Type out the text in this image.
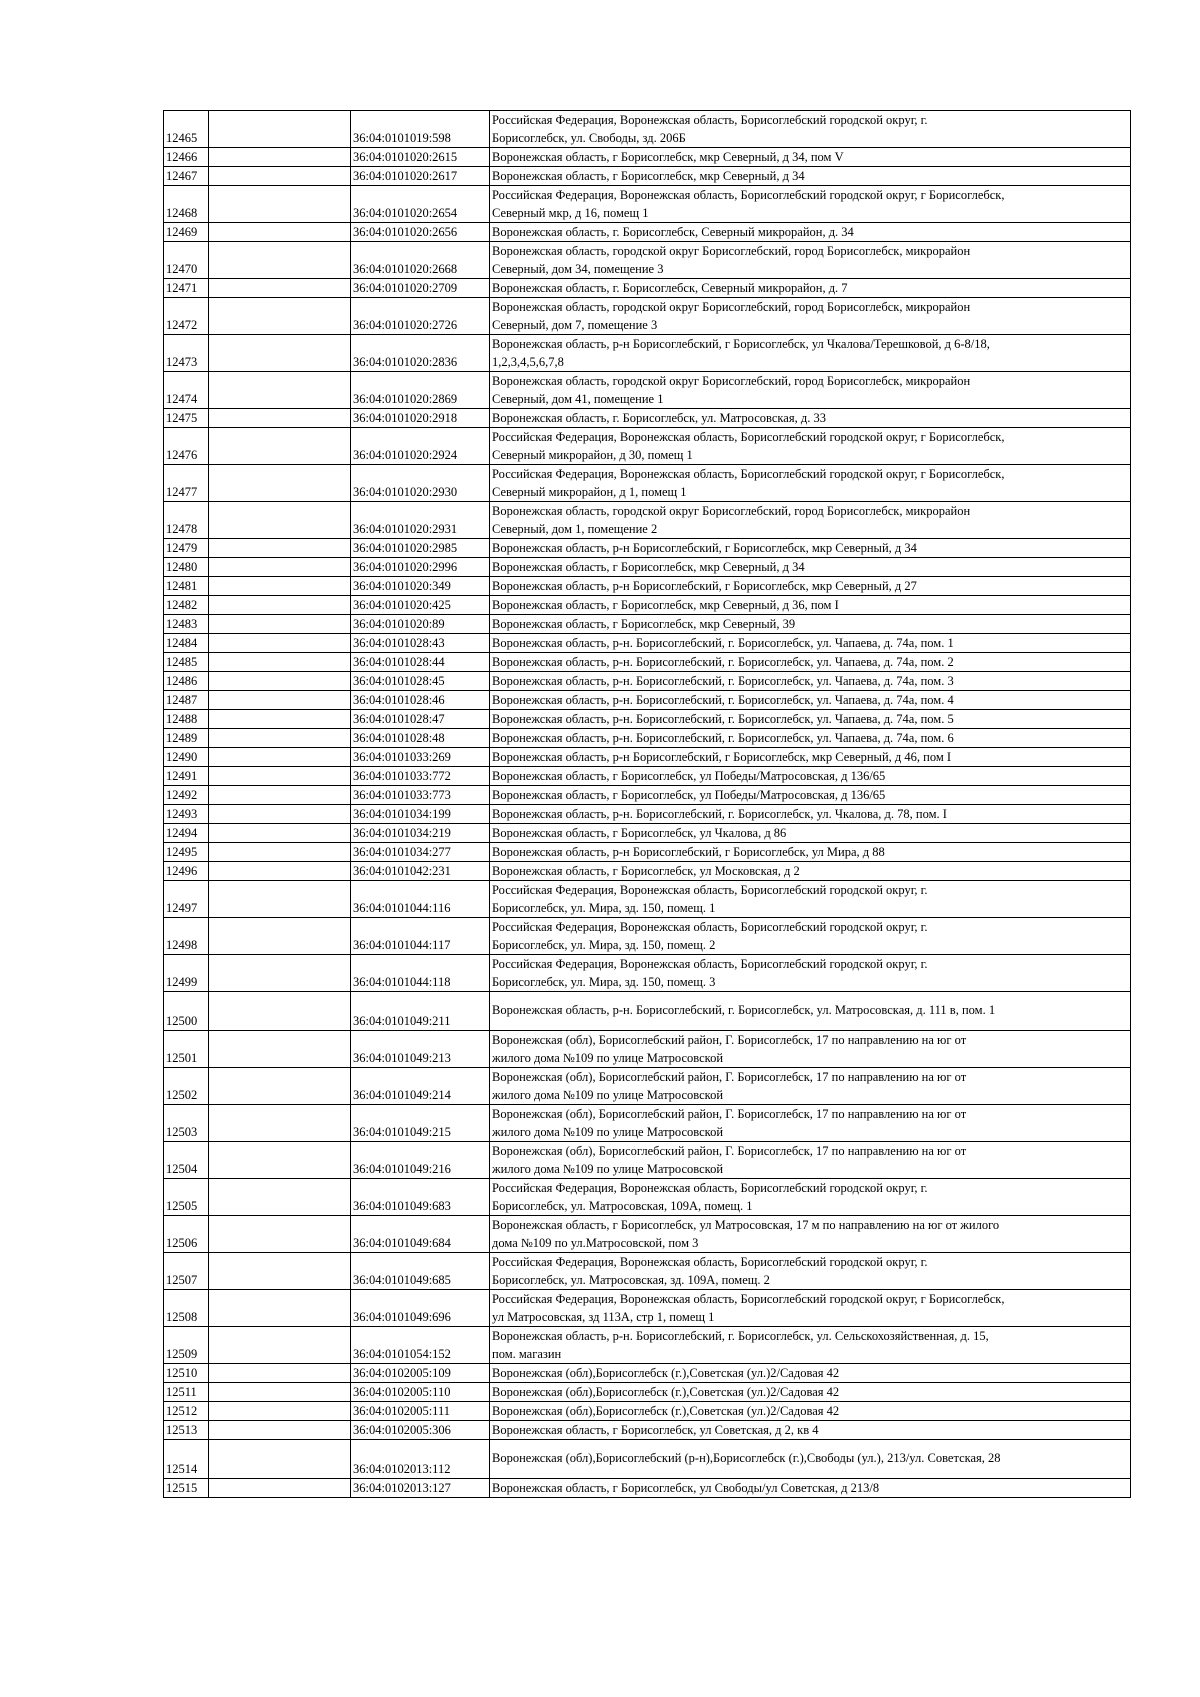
12465		36:04:0101019:598	Российская Федерация, Воронежская область, Борисоглебский городской округ, г.
Борисоглебск, ул. Свободы, зд. 206Б
12466		36:04:0101020:2615	Воронежская область, г Борисоглебск, мкр Северный, д 34, пом V
12467		36:04:0101020:2617	Воронежская область, г Борисоглебск, мкр Северный, д 34
12468		36:04:0101020:2654	Российская Федерация, Воронежская область, Борисоглебский городской округ, г Борисоглебск,
Северный мкр, д 16, помещ 1
12469		36:04:0101020:2656	Воронежская область, г. Борисоглебск, Северный микрорайон, д. 34
12470		36:04:0101020:2668	Воронежская область, городской округ Борисоглебский, город Борисоглебск, микрорайон
Северный, дом 34, помещение 3
12471		36:04:0101020:2709	Воронежская область, г. Борисоглебск, Северный микрорайон, д. 7
12472		36:04:0101020:2726	Воронежская область, городской округ Борисоглебский, город Борисоглебск, микрорайон
Северный, дом 7, помещение 3
12473		36:04:0101020:2836	Воронежская область, р-н Борисоглебский, г Борисоглебск, ул Чкалова/Терешковой, д 6-8/18,
1,2,3,4,5,6,7,8
12474		36:04:0101020:2869	Воронежская область, городской округ Борисоглебский, город Борисоглебск, микрорайон
Северный, дом 41, помещение 1
12475		36:04:0101020:2918	Воронежская область, г. Борисоглебск, ул. Матросовская, д. 33
12476		36:04:0101020:2924	Российская Федерация, Воронежская область, Борисоглебский городской округ, г Борисоглебск,
Северный микрорайон, д 30, помещ 1
12477		36:04:0101020:2930	Российская Федерация, Воронежская область, Борисоглебский городской округ, г Борисоглебск,
Северный микрорайон, д 1, помещ 1
12478		36:04:0101020:2931	Воронежская область, городской округ Борисоглебский, город Борисоглебск, микрорайон
Северный, дом 1, помещение 2
12479		36:04:0101020:2985	Воронежская область, р-н Борисоглебский, г Борисоглебск, мкр Северный, д 34
12480		36:04:0101020:2996	Воронежская область, г Борисоглебск, мкр Северный, д 34
12481		36:04:0101020:349	Воронежская область, р-н Борисоглебский, г Борисоглебск, мкр Северный, д 27
12482		36:04:0101020:425	Воронежская область, г Борисоглебск, мкр Северный, д 36, пом I
12483		36:04:0101020:89	Воронежская область, г Борисоглебск, мкр Северный, 39
12484		36:04:0101028:43	Воронежская область, р-н. Борисоглебский, г. Борисоглебск, ул. Чапаева, д. 74а, пом. 1
12485		36:04:0101028:44	Воронежская область, р-н. Борисоглебский, г. Борисоглебск, ул. Чапаева, д. 74а, пом. 2
12486		36:04:0101028:45	Воронежская область, р-н. Борисоглебский, г. Борисоглебск, ул. Чапаева, д. 74а, пом. 3
12487		36:04:0101028:46	Воронежская область, р-н. Борисоглебский, г. Борисоглебск, ул. Чапаева, д. 74а, пом. 4
12488		36:04:0101028:47	Воронежская область, р-н. Борисоглебский, г. Борисоглебск, ул. Чапаева, д. 74а, пом. 5
12489		36:04:0101028:48	Воронежская область, р-н. Борисоглебский, г. Борисоглебск, ул. Чапаева, д. 74а, пом. 6
12490		36:04:0101033:269	Воронежская область, р-н Борисоглебский, г Борисоглебск, мкр Северный, д 46, пом I
12491		36:04:0101033:772	Воронежская область, г Борисоглебск, ул Победы/Матросовская, д 136/65
12492		36:04:0101033:773	Воронежская область, г Борисоглебск, ул Победы/Матросовская, д 136/65
12493		36:04:0101034:199	Воронежская область, р-н. Борисоглебский, г. Борисоглебск, ул. Чкалова, д. 78, пом. I
12494		36:04:0101034:219	Воронежская область, г Борисоглебск, ул Чкалова, д 86
12495		36:04:0101034:277	Воронежская область, р-н Борисоглебский, г Борисоглебск, ул Мира, д 88
12496		36:04:0101042:231	Воронежская область, г Борисоглебск, ул Московская, д 2
12497		36:04:0101044:116	Российская Федерация, Воронежская область, Борисоглебский городской округ, г.
Борисоглебск, ул. Мира, зд. 150, помещ. 1
12498		36:04:0101044:117	Российская Федерация, Воронежская область, Борисоглебский городской округ, г.
Борисоглебск, ул. Мира, зд. 150, помещ. 2
12499		36:04:0101044:118	Российская Федерация, Воронежская область, Борисоглебский городской округ, г.
Борисоглебск, ул. Мира, зд. 150, помещ. 3
12500		36:04:0101049:211	Воронежская область, р-н. Борисоглебский, г. Борисоглебск, ул. Матросовская, д. 111 в, пом. 1
12501		36:04:0101049:213	Воронежская (обл), Борисоглебский район, Г. Борисоглебск, 17 по направлению на юг от
жилого дома №109 по улице Матросовской
12502		36:04:0101049:214	Воронежская (обл), Борисоглебский район, Г. Борисоглебск, 17 по направлению на юг от
жилого дома №109 по улице Матросовской
12503		36:04:0101049:215	Воронежская (обл), Борисоглебский район, Г. Борисоглебск, 17 по направлению на юг от
жилого дома №109 по улице Матросовской
12504		36:04:0101049:216	Воронежская (обл), Борисоглебский район, Г. Борисоглебск, 17 по направлению на юг от
жилого дома №109 по улице Матросовской
12505		36:04:0101049:683	Российская Федерация, Воронежская область, Борисоглебский городской округ, г.
Борисоглебск, ул. Матросовская, 109А, помещ. 1
12506		36:04:0101049:684	Воронежская область, г Борисоглебск, ул Матросовская, 17 м по направлению на юг от жилого
дома №109 по ул.Матросовской, пом 3
12507		36:04:0101049:685	Российская Федерация, Воронежская область, Борисоглебский городской округ, г.
Борисоглебск, ул. Матросовская, зд. 109А, помещ. 2
12508		36:04:0101049:696	Российская Федерация, Воронежская область, Борисоглебский городской округ, г Борисоглебск,
ул Матросовская, зд 113А, стр 1, помещ 1
12509		36:04:0101054:152	Воронежская область, р-н. Борисоглебский, г. Борисоглебск, ул. Сельскохозяйственная, д. 15,
пом. магазин
12510		36:04:0102005:109	Воронежская (обл),Борисоглебск (г.),Советская (ул.)2/Садовая 42
12511		36:04:0102005:110	Воронежская (обл),Борисоглебск (г.),Советская (ул.)2/Садовая 42
12512		36:04:0102005:111	Воронежская (обл),Борисоглебск (г.),Советская (ул.)2/Садовая 42
12513		36:04:0102005:306	Воронежская область, г Борисоглебск, ул Советская, д 2, кв 4
12514		36:04:0102013:112	Воронежская (обл),Борисоглебский (р-н),Борисоглебск (г.),Свободы (ул.), 213/ул. Советская, 28
12515		36:04:0102013:127	Воронежская область, г Борисоглебск, ул Свободы/ул Советская, д 213/8
